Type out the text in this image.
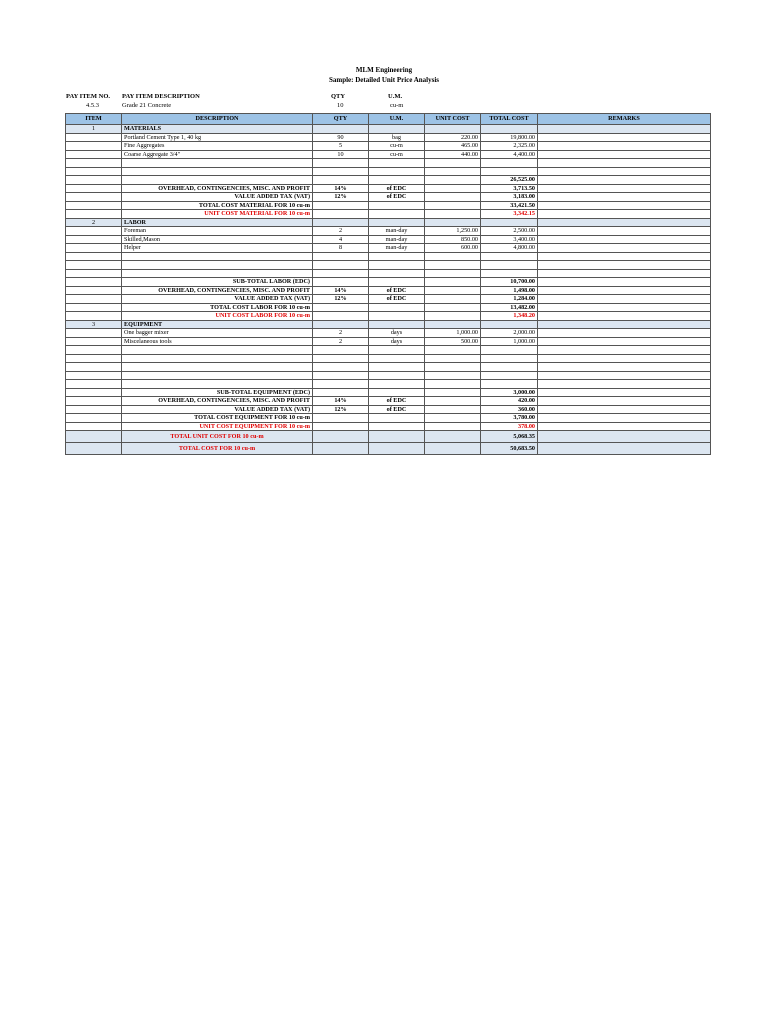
MLM Engineering
Sample: Detailed Unit Price Analysis
PAY ITEM NO. PAY ITEM DESCRIPTION	QTY	U.M.
4.5.3	Grade 21 Concrete	10	cu-m
ITEM	DESCRIPTION	QTY	U.M.	UNIT COST	TOTAL COST	REMARKS
1	MATERIALS					
	Portland Cement Type 1, 40 kg	90	bag	220.00	19,800.00	
	Fine Aggregates	5	cu-m	465.00	2,325.00	
	Coarse Aggregate 3/4"	10	cu-m	440.00	4,400.00	

					26,525.00	
	OVERHEAD, CONTINGENCIES, MISC. AND PROFIT	14%	of EDC		3,713.50	
	VALUE ADDED TAX (VAT)	12%	of EDC		3,183.00	
	TOTAL COST MATERIAL FOR 10 cu-m				33,421.50	
	UNIT COST MATERIAL FOR 10 cu-m				3,342.15	
2	LABOR					
	Foreman	2	man-day	1,250.00	2,500.00	
	Skilled,Mason	4	man-day	850.00	3,400.00	
	Helper	8	man-day	600.00	4,800.00	

	SUB-TOTAL LABOR (EDC)				10,700.00	
	OVERHEAD, CONTINGENCIES, MISC. AND PROFIT	14%	of EDC		1,498.00	
	VALUE ADDED TAX (VAT)	12%	of EDC		1,284.00	
	TOTAL COST LABOR FOR 10 cu-m				13,482.00	
	UNIT COST LABOR FOR 10 cu-m				1,348.20	
3	EQUIPMENT					
	One bagger mixer	2	days	1,000.00	2,000.00	
	Miscelaneous tools	2	days	500.00	1,000.00	

	SUB-TOTAL EQUIPMENT (EDC)				3,000.00	
	OVERHEAD, CONTINGENCIES, MISC. AND PROFIT	14%	of EDC		420.00	
	VALUE ADDED TAX (VAT)	12%	of EDC		360.00	
	TOTAL COST EQUIPMENT FOR 10 cu-m				3,780.00	
	UNIT COST EQUIPMENT FOR 10 cu-m				378.00	
	TOTAL UNIT COST FOR 10 cu-m				5,068.35	
	TOTAL COST FOR 10 cu-m				50,683.50	
